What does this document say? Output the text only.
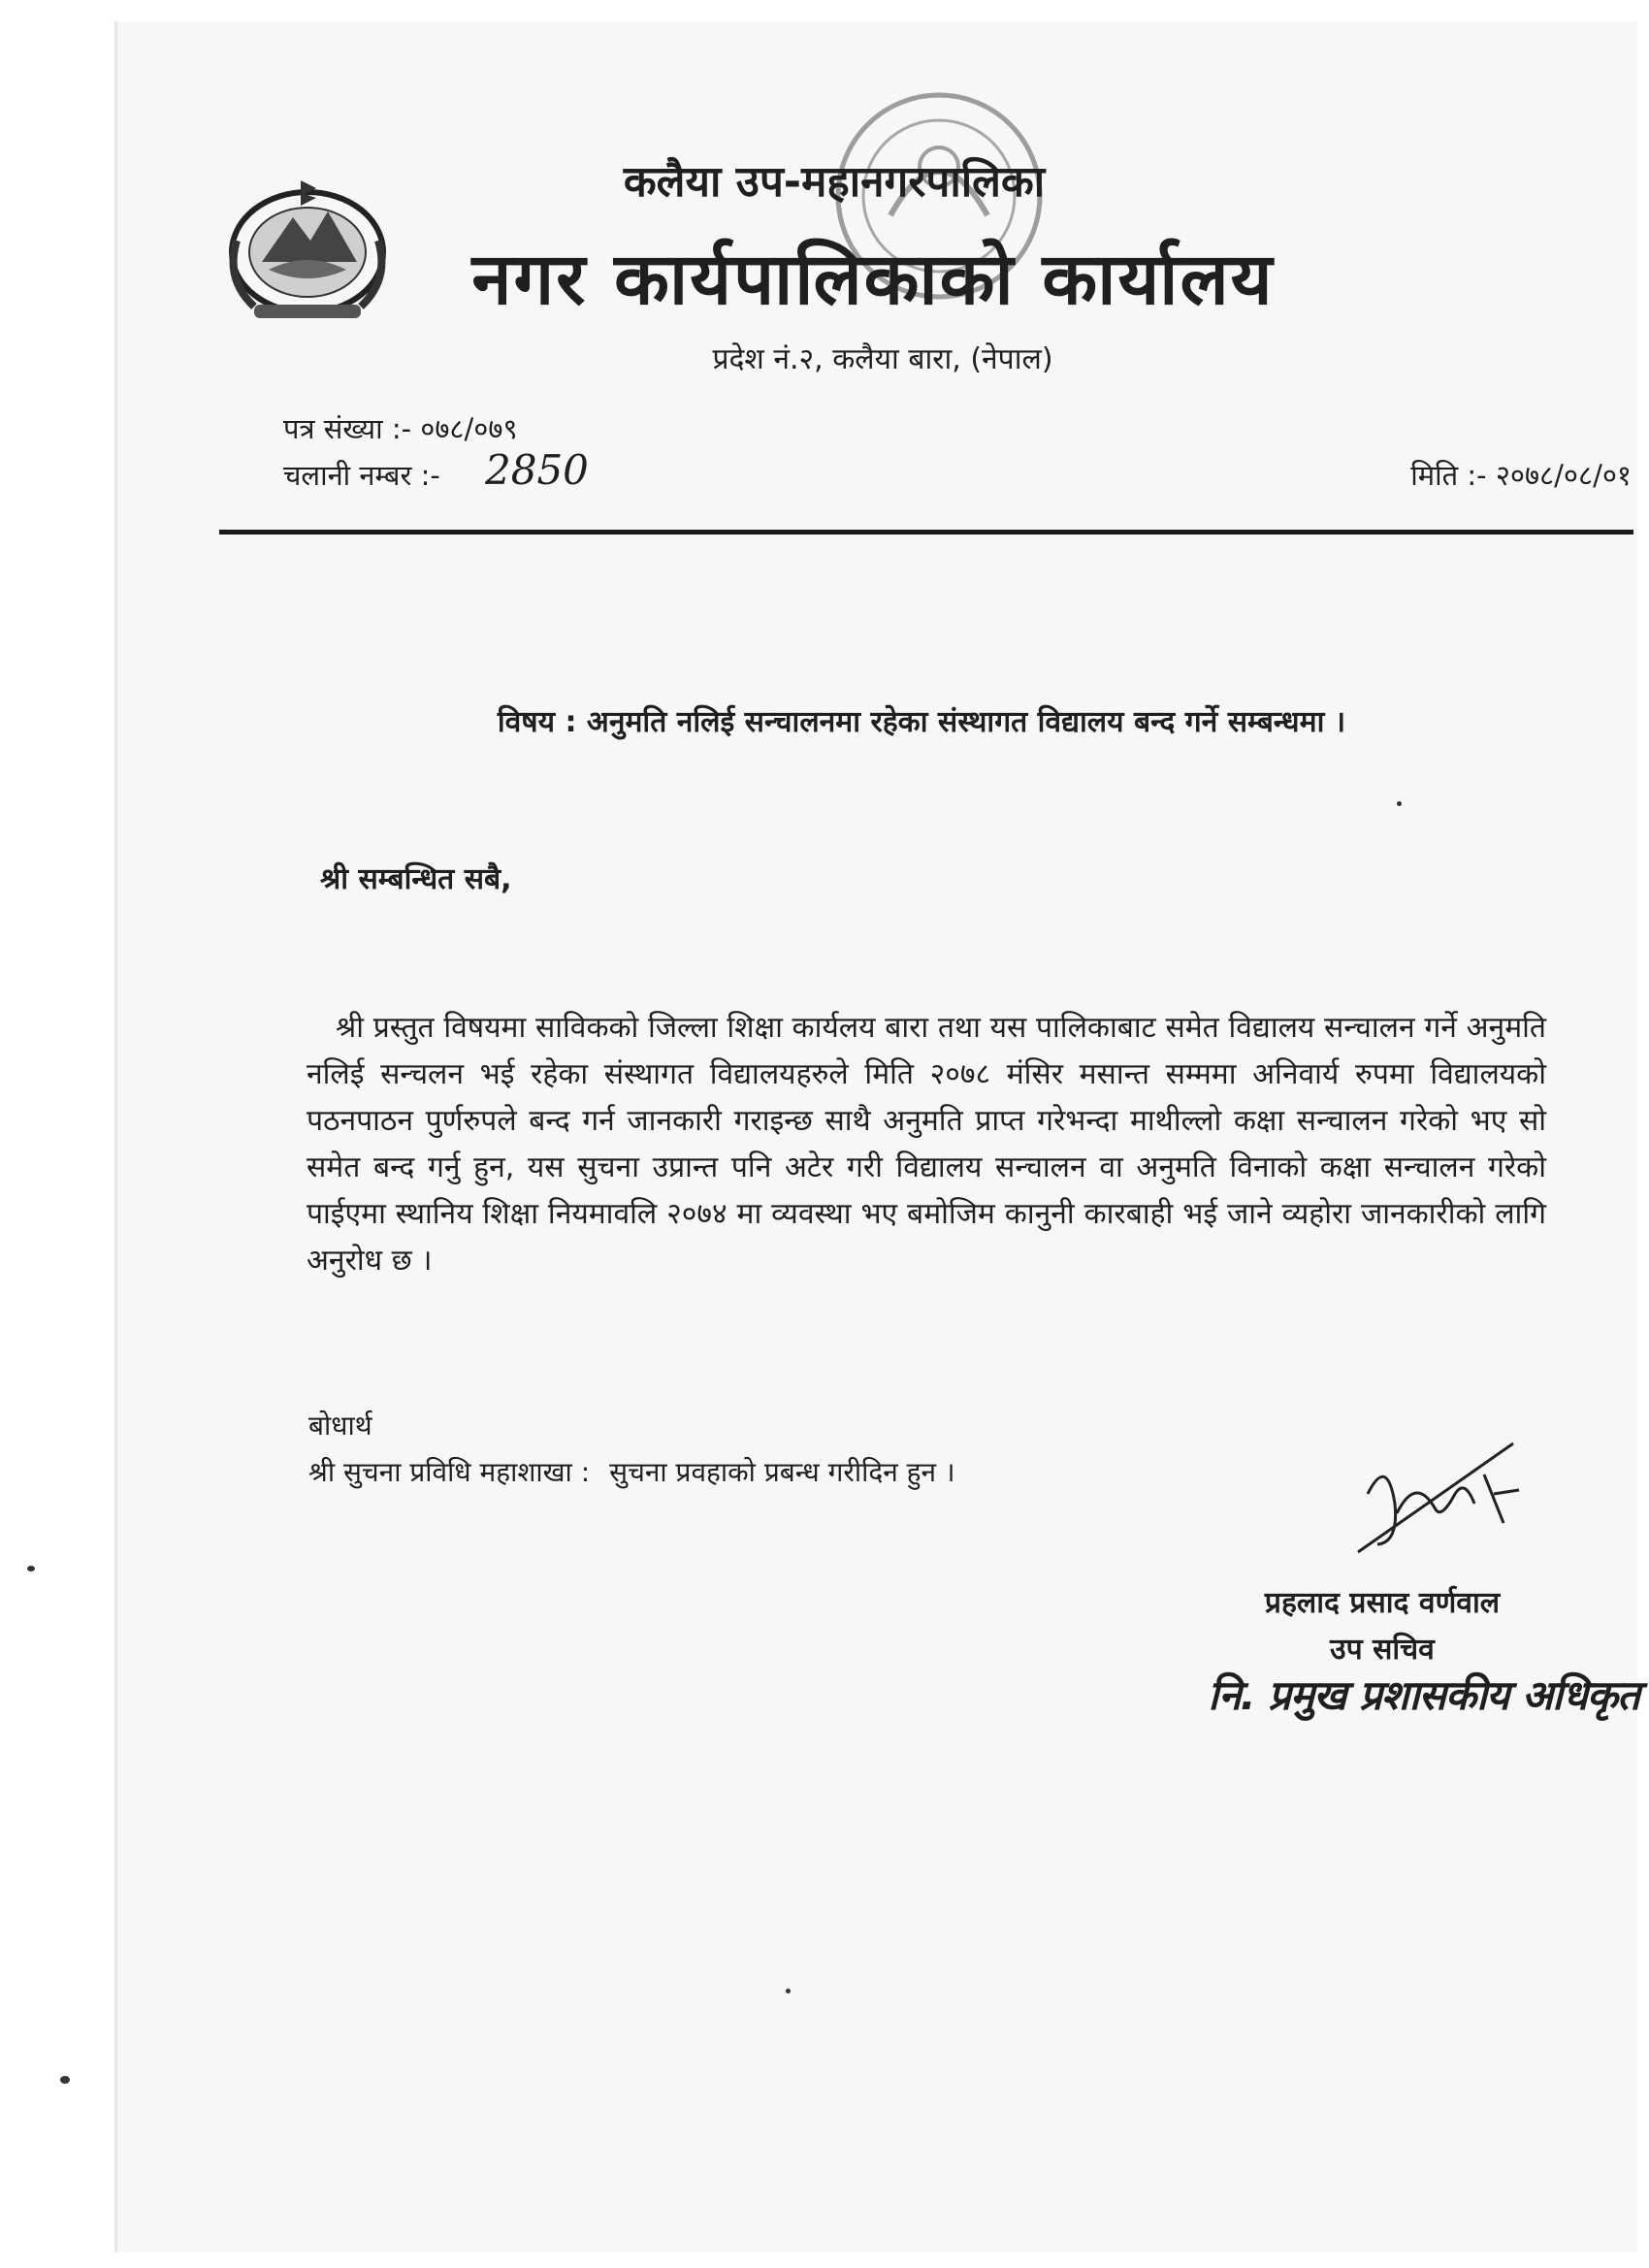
कलैया उप-महानगरपालिका
नगर कार्यपालिकाको कार्यालय
प्रदेश नं.२, कलैया बारा, (नेपाल)
पत्र संख्या :- ०७८/०७९
चलानी नम्बर :- 2850	मिति :- २०७८/०८/०१
विषय : अनुमति नलिई सन्चालनमा रहेका संस्थागत विद्यालय बन्द गर्ने सम्बन्धमा ।
श्री सम्बन्धित सबै,
श्री प्रस्तुत विषयमा साविकको जिल्ला शिक्षा कार्यलय बारा तथा यस पालिकाबाट समेत विद्यालय सन्चालन गर्ने अनुमति नलिई सन्चलन भई रहेका संस्थागत विद्यालयहरुले मिति २०७८ मंसिर मसान्त सम्ममा अनिवार्य रुपमा विद्यालयको पठनपाठन पुर्णरुपले बन्द गर्न जानकारी गराइन्छ साथै अनुमति प्राप्त गरेभन्दा माथील्लो कक्षा सन्चालन गरेको भए सो समेत बन्द गर्नु हुन, यस सुचना उप्रान्त पनि अटेर गरी विद्यालय सन्चालन वा अनुमति विनाको कक्षा सन्चालन गरेको पाईएमा स्थानिय शिक्षा नियमावलि २०७४ मा व्यवस्था भए बमोजिम कानुनी कारबाही भई जाने व्यहोरा जानकारीको लागि अनुरोध छ ।
बोधार्थ
श्री सुचना प्रविधि महाशाखा : सुचना प्रवहाको प्रबन्ध गरीदिन हुन ।
प्रहलाद प्रसाद वर्णवाल
उप सचिव
नि. प्रमुख प्रशासकीय अधिकृत
